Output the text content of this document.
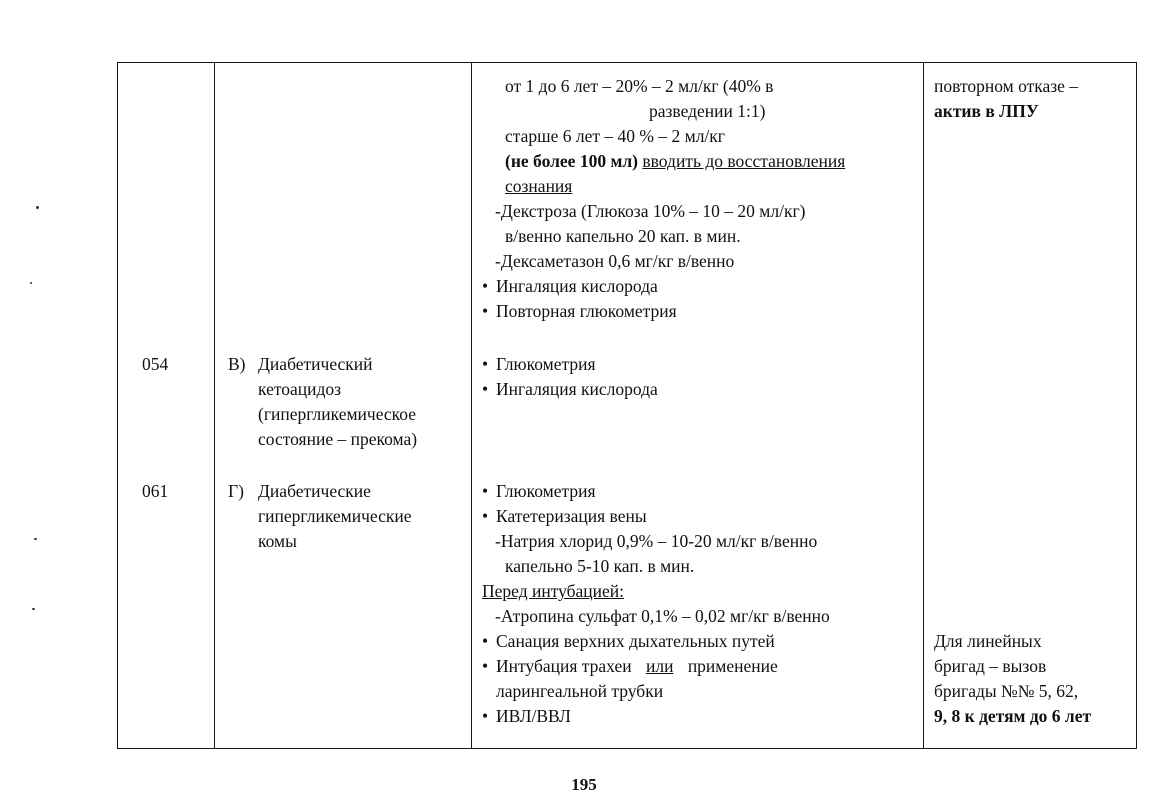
054
061
В) Диабетический
кетоацидоз
(гипергликемическое
состояние – прекома)
Г) Диабетические
гипергликемические
комы
от 1 до 6 лет – 20% – 2 мл/кг (40% в
разведении 1:1)
старше 6 лет – 40 % – 2 мл/кг
(не более 100 мл) вводить до восстановления
сознания
-Декстроза (Глюкоза 10% – 10 – 20 мл/кг)
в/венно капельно 20 кап. в мин.
-Дексаметазон 0,6 мг/кг в/венно
• Ингаляция кислорода
• Повторная глюкометрия
• Глюкометрия
• Ингаляция кислорода
• Глюкометрия
• Катетеризация вены
-Натрия хлорид 0,9% – 10-20 мл/кг в/венно
капельно 5-10 кап. в мин.
Перед интубацией:
-Атропина сульфат 0,1% – 0,02 мг/кг в/венно
• Санация верхних дыхательных путей
• Интубация трахеи или применение
ларингеальной трубки
• ИВЛ/ВВЛ
повторном отказе –
актив в ЛПУ
Для линейных
бригад – вызов
бригады №№ 5, 62,
9, 8 к детям до 6 лет
195
